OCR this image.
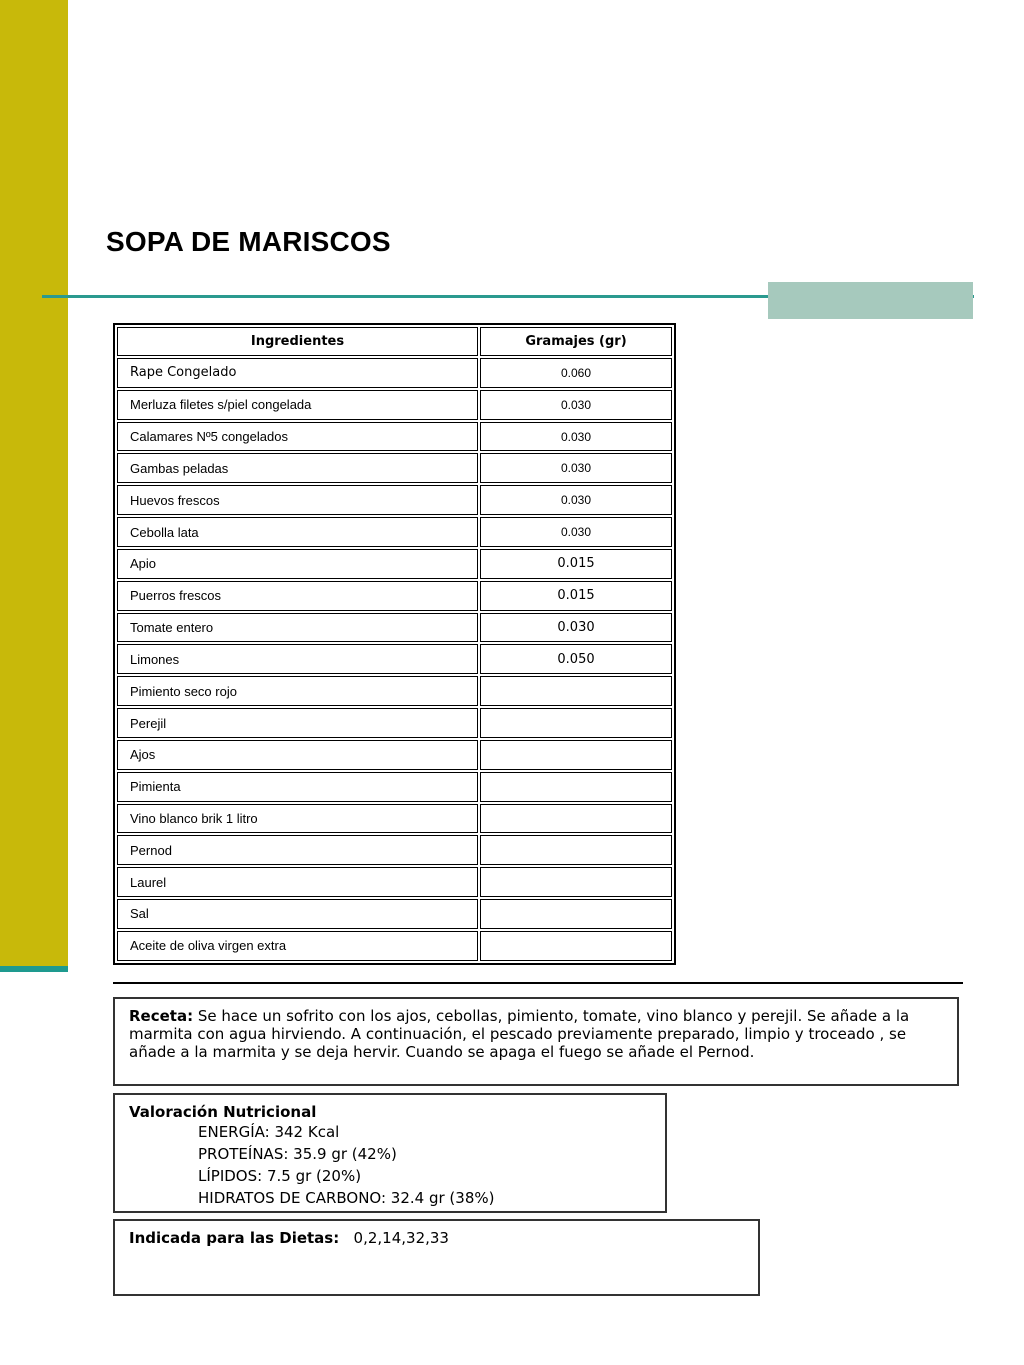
SOPA DE MARISCOS
Ingredientes	Gramajes (gr)
Rape Congelado	0.060
Merluza filetes s/piel congelada	0.030
Calamares Nº5 congelados	0.030
Gambas peladas	0.030
Huevos frescos	0.030
Cebolla lata	0.030
Apio	0.015
Puerros frescos	0.015
Tomate entero	0.030
Limones	0.050
Pimiento seco rojo	
Perejil	
Ajos	
Pimienta	
Vino blanco brik 1 litro	
Pernod	
Laurel	
Sal	
Aceite de oliva virgen extra	
Receta: Se hace un sofrito con los ajos, cebollas, pimiento, tomate, vino blanco y perejil. Se añade a la marmita con agua hirviendo. A continuación, el pescado previamente preparado, limpio y troceado , se añade a la marmita y se deja hervir. Cuando se apaga el fuego se añade el Pernod.
Valoración Nutricional
ENERGÍA: 342 Kcal
PROTEÍNAS: 35.9 gr (42%)
LÍPIDOS: 7.5 gr (20%)
HIDRATOS DE CARBONO: 32.4 gr (38%)
Indicada para las Dietas: 0,2,14,32,33
